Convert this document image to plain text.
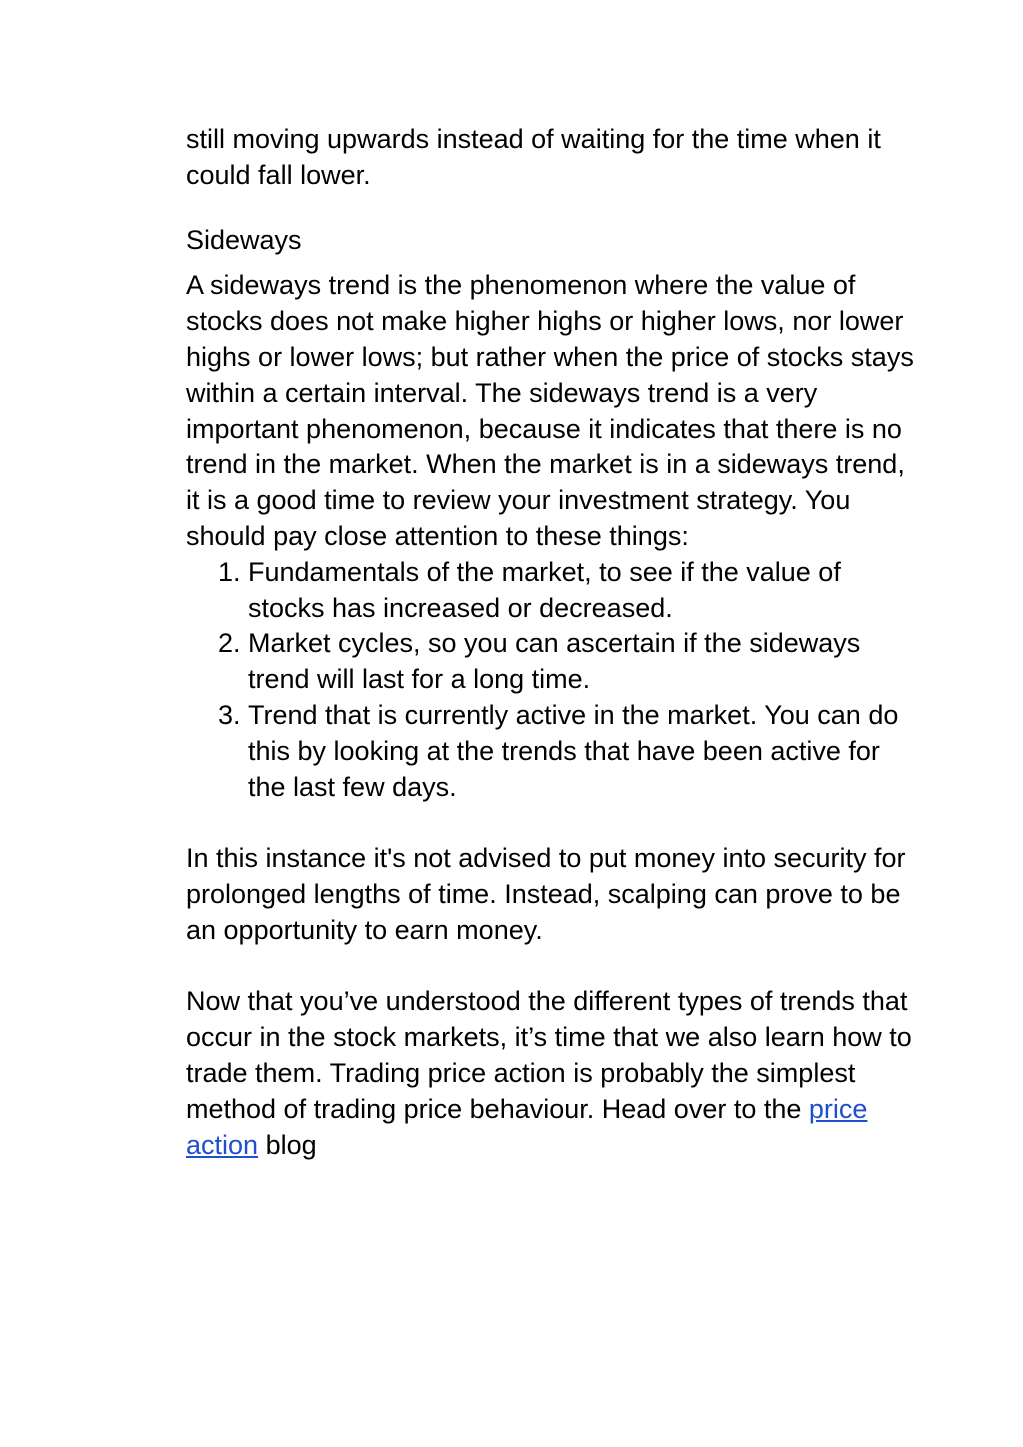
still moving upwards instead of waiting for the time when it could fall lower.

Sideways

A sideways trend is the phenomenon where the value of stocks does not make higher highs or higher lows, nor lower highs or lower lows; but rather when the price of stocks stays within a certain interval. The sideways trend is a very important phenomenon, because it indicates that there is no trend in the market. When the market is in a sideways trend, it is a good time to review your investment strategy. You should pay close attention to these things:

1. Fundamentals of the market, to see if the value of stocks has increased or decreased.
2. Market cycles, so you can ascertain if the sideways trend will last for a long time.
3. Trend that is currently active in the market. You can do this by looking at the trends that have been active for the last few days.

In this instance it's not advised to put money into security for prolonged lengths of time. Instead, scalping can prove to be an opportunity to earn money.

Now that you’ve understood the different types of trends that occur in the stock markets, it’s time that we also learn how to trade them. Trading price action is probably the simplest method of trading price behaviour. Head over to the price action blog
